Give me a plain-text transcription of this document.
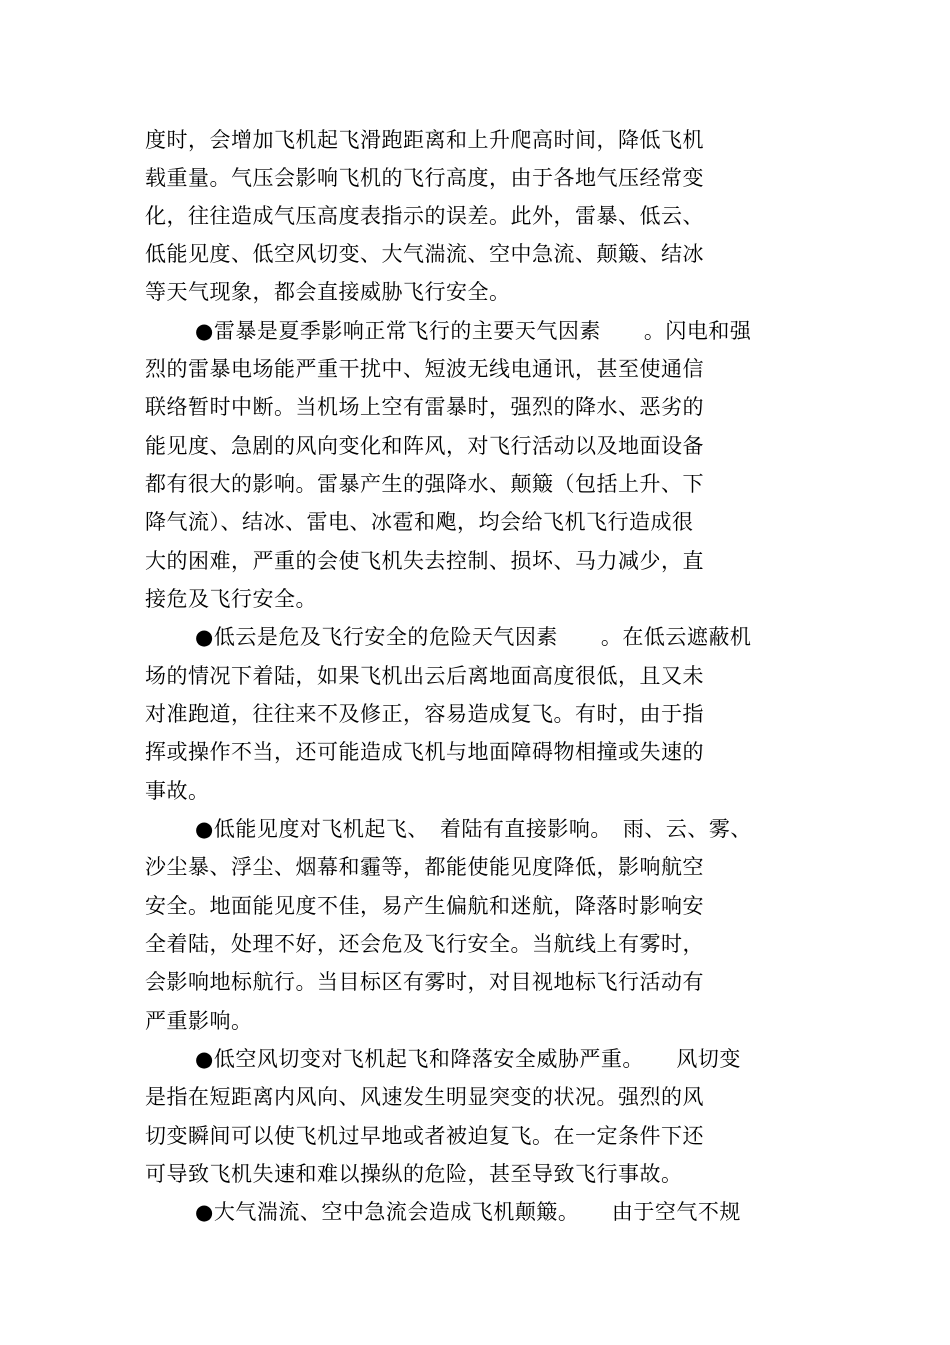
度时，会增加飞机起飞滑跑距离和上升爬高时间，降低飞机
载重量。气压会影响飞机的飞行高度，由于各地气压经常变
化，往往造成气压高度表指示的误差。此外，雷暴、低云、
低能见度、低空风切变、大气湍流、空中急流、颠簸、结冰
等天气现象，都会直接威胁飞行安全。
●雷暴是夏季影响正常飞行的主要天气因素　　。闪电和强
烈的雷暴电场能严重干扰中、短波无线电通讯，甚至使通信
联络暂时中断。当机场上空有雷暴时，强烈的降水、恶劣的
能见度、急剧的风向变化和阵风，对飞行活动以及地面设备
都有很大的影响。雷暴产生的强降水、颠簸（包括上升、下
降气流）、结冰、雷电、冰雹和飑，均会给飞机飞行造成很
大的困难，严重的会使飞机失去控制、损坏、马力减少，直
接危及飞行安全。
●低云是危及飞行安全的危险天气因素　　。在低云遮蔽机
场的情况下着陆，如果飞机出云后离地面高度很低，且又未
对准跑道，往往来不及修正，容易造成复飞。有时，由于指
挥或操作不当，还可能造成飞机与地面障碍物相撞或失速的
事故。
●低能见度对飞机起飞、　着陆有直接影响。　雨、云、雾、
沙尘暴、浮尘、烟幕和霾等，都能使能见度降低，影响航空
安全。地面能见度不佳，易产生偏航和迷航，降落时影响安
全着陆，处理不好，还会危及飞行安全。当航线上有雾时，
会影响地标航行。当目标区有雾时，对目视地标飞行活动有
严重影响。
●低空风切变对飞机起飞和降落安全威胁严重。　　风切变
是指在短距离内风向、风速发生明显突变的状况。强烈的风
切变瞬间可以使飞机过早地或者被迫复飞。在一定条件下还
可导致飞机失速和难以操纵的危险，甚至导致飞行事故。
●大气湍流、空中急流会造成飞机颠簸。　　由于空气不规
